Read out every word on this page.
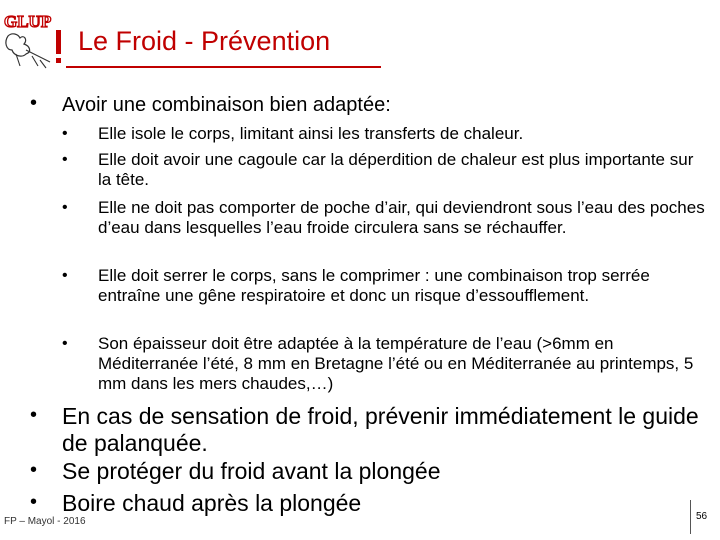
GLUP
Le Froid - Prévention
• Avoir une combinaison bien adaptée:
• Elle isole le corps, limitant ainsi les transferts de chaleur.
• Elle doit avoir une cagoule car la déperdition de chaleur est plus importante sur la tête.
• Elle ne doit pas comporter de poche d’air, qui deviendront sous l’eau des poches d’eau dans lesquelles l’eau froide circulera sans se réchauffer.
• Elle doit serrer le corps, sans le comprimer : une combinaison trop serrée entraîne une gêne respiratoire et donc un risque d’essoufflement.
• Son épaisseur doit être adaptée à la température de l’eau (>6mm en Méditerranée l’été, 8 mm en Bretagne l’été ou en Méditerranée au printemps, 5 mm dans les mers chaudes,…)
• En cas de sensation de froid, prévenir immédiatement le guide de palanquée.
• Se protéger du froid avant la plongée
• Boire chaud après la plongée
FP – Mayol - 2016	56
